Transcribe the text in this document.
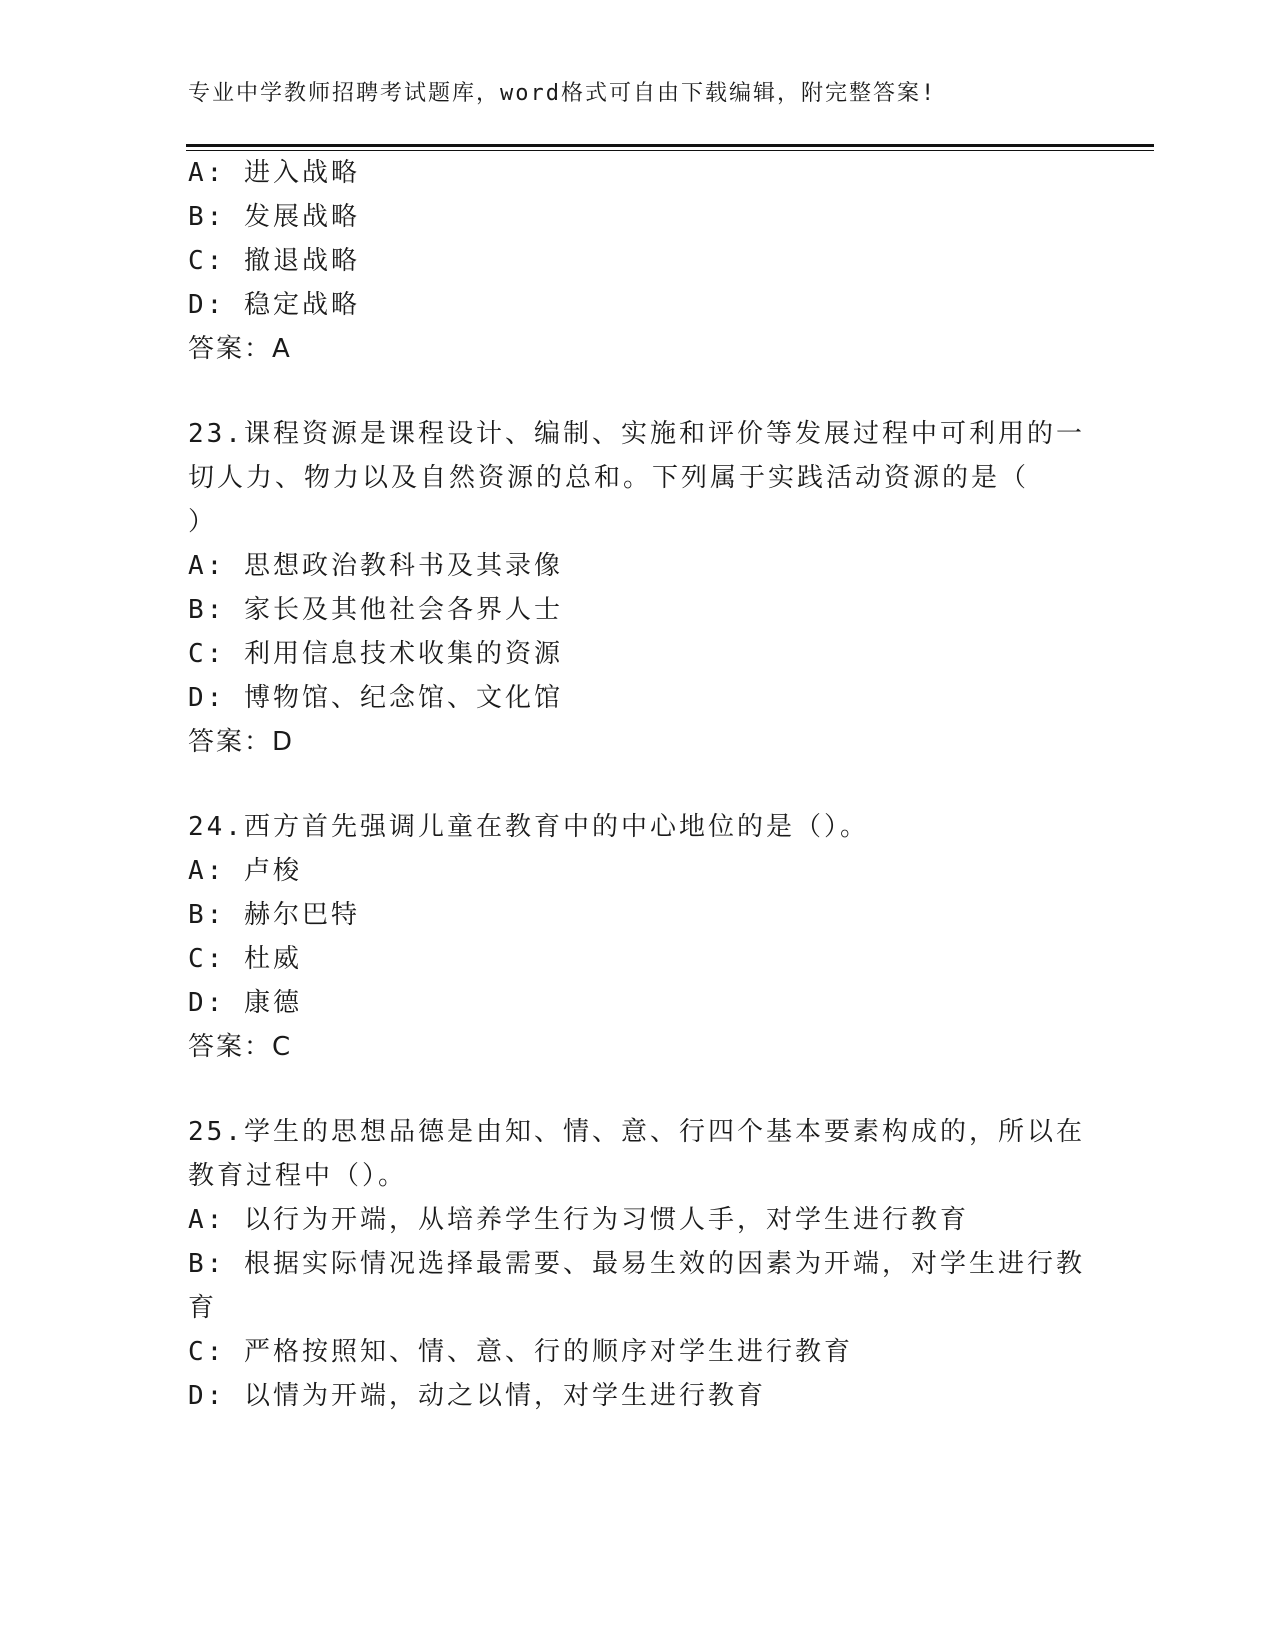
专业中学教师招聘考试题库，word格式可自由下载编辑，附完整答案!
A: 进入战略
B: 发展战略
C: 撤退战略
D: 稳定战略
答案：A
23.课程资源是课程设计、编制、实施和评价等发展过程中可利用的一
切人力、物力以及自然资源的总和。下列属于实践活动资源的是（
）
A: 思想政治教科书及其录像
B: 家长及其他社会各界人士
C: 利用信息技术收集的资源
D: 博物馆、纪念馆、文化馆
答案：D
24.西方首先强调儿童在教育中的中心地位的是（）。
A: 卢梭
B: 赫尔巴特
C: 杜威
D: 康德
答案：C
25.学生的思想品德是由知、情、意、行四个基本要素构成的，所以在
教育过程中（）。
A: 以行为开端，从培养学生行为习惯人手，对学生进行教育
B: 根据实际情况选择最需要、最易生效的因素为开端，对学生进行教
育
C: 严格按照知、情、意、行的顺序对学生进行教育
D: 以情为开端，动之以情，对学生进行教育
